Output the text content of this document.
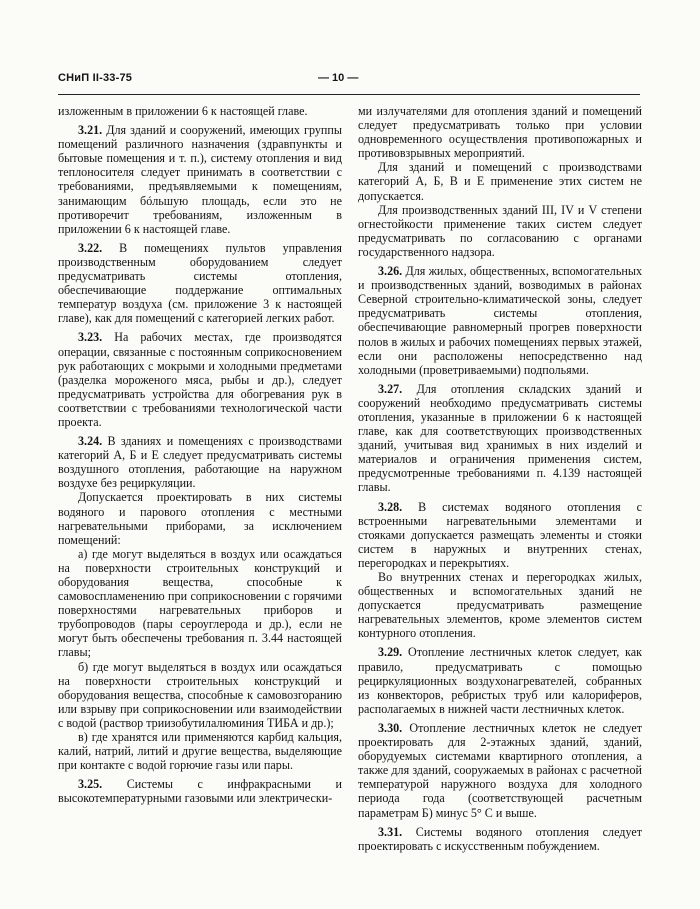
СНиП II-33-75	— 10 —

изложенным в приложении 6 к настоящей главе.

3.21. Для зданий и сооружений, имеющих группы помещений различного назначения (здравпункты и бытовые помещения и т. п.), систему отопления и вид теплоносителя следует принимать в соответствии с требованиями, предъявляемыми к помещениям, занимающим бóльшую площадь, если это не противоречит требованиям, изложенным в приложении 6 к настоящей главе.

3.22. В помещениях пультов управления производственным оборудованием следует предусматривать системы отопления, обеспечивающие поддержание оптимальных температур воздуха (см. приложение 3 к настоящей главе), как для помещений с категорией легких работ.

3.23. На рабочих местах, где производятся операции, связанные с постоянным соприкосновением рук работающих с мокрыми и холодными предметами (разделка мороженого мяса, рыбы и др.), следует предусматривать устройства для обогревания рук в соответствии с требованиями технологической части проекта.

3.24. В зданиях и помещениях с производствами категорий А, Б и Е следует предусматривать системы воздушного отопления, работающие на наружном воздухе без рециркуляции.

Допускается проектировать в них системы водяного и парового отопления с местными нагревательными приборами, за исключением помещений:

а) где могут выделяться в воздух или осаждаться на поверхности строительных конструкций и оборудования вещества, способные к самовоспламенению при соприкосновении с горячими поверхностями нагревательных приборов и трубопроводов (пары сероуглерода и др.), если не могут быть обеспечены требования п. 3.44 настоящей главы;

б) где могут выделяться в воздух или осаждаться на поверхности строительных конструкций и оборудования вещества, способные к самовозгоранию или взрыву при соприкосновении или взаимодействии с водой (раствор триизобутилалюминия ТИБА и др.);

в) где хранятся или применяются карбид кальция, калий, натрий, литий и другие вещества, выделяющие при контакте с водой горючие газы или пары.

3.25. Системы с инфракрасными и высокотемпературными газовыми или электрически-

ми излучателями для отопления зданий и помещений следует предусматривать только при условии одновременного осуществления противопожарных и противовзрывных мероприятий.

Для зданий и помещений с производствами категорий А, Б, В и Е применение этих систем не допускается.

Для производственных зданий III, IV и V степени огнестойкости применение таких систем следует предусматривать по согласованию с органами государственного надзора.

3.26. Для жилых, общественных, вспомогательных и производственных зданий, возводимых в районах Северной строительно-климатической зоны, следует предусматривать системы отопления, обеспечивающие равномерный прогрев поверхности полов в жилых и рабочих помещениях первых этажей, если они расположены непосредственно над холодными (проветриваемыми) подпольями.

3.27. Для отопления складских зданий и сооружений необходимо предусматривать системы отопления, указанные в приложении 6 к настоящей главе, как для соответствующих производственных зданий, учитывая вид хранимых в них изделий и материалов и ограничения применения систем, предусмотренные требованиями п. 4.139 настоящей главы.

3.28. В системах водяного отопления с встроенными нагревательными элементами и стояками допускается размещать элементы и стояки систем в наружных и внутренних стенах, перегородках и перекрытиях.

Во внутренних стенах и перегородках жилых, общественных и вспомогательных зданий не допускается предусматривать размещение нагревательных элементов, кроме элементов систем контурного отопления.

3.29. Отопление лестничных клеток следует, как правило, предусматривать с помощью рециркуляционных воздухонагревателей, собранных из конвекторов, ребристых труб или калориферов, располагаемых в нижней части лестничных клеток.

3.30. Отопление лестничных клеток не следует проектировать для 2-этажных зданий, зданий, оборудуемых системами квартирного отопления, а также для зданий, сооружаемых в районах с расчетной температурой наружного воздуха для холодного периода года (соответствующей расчетным параметрам Б) минус 5° С и выше.

3.31. Системы водяного отопления следует проектировать с искусственным побуждением.
